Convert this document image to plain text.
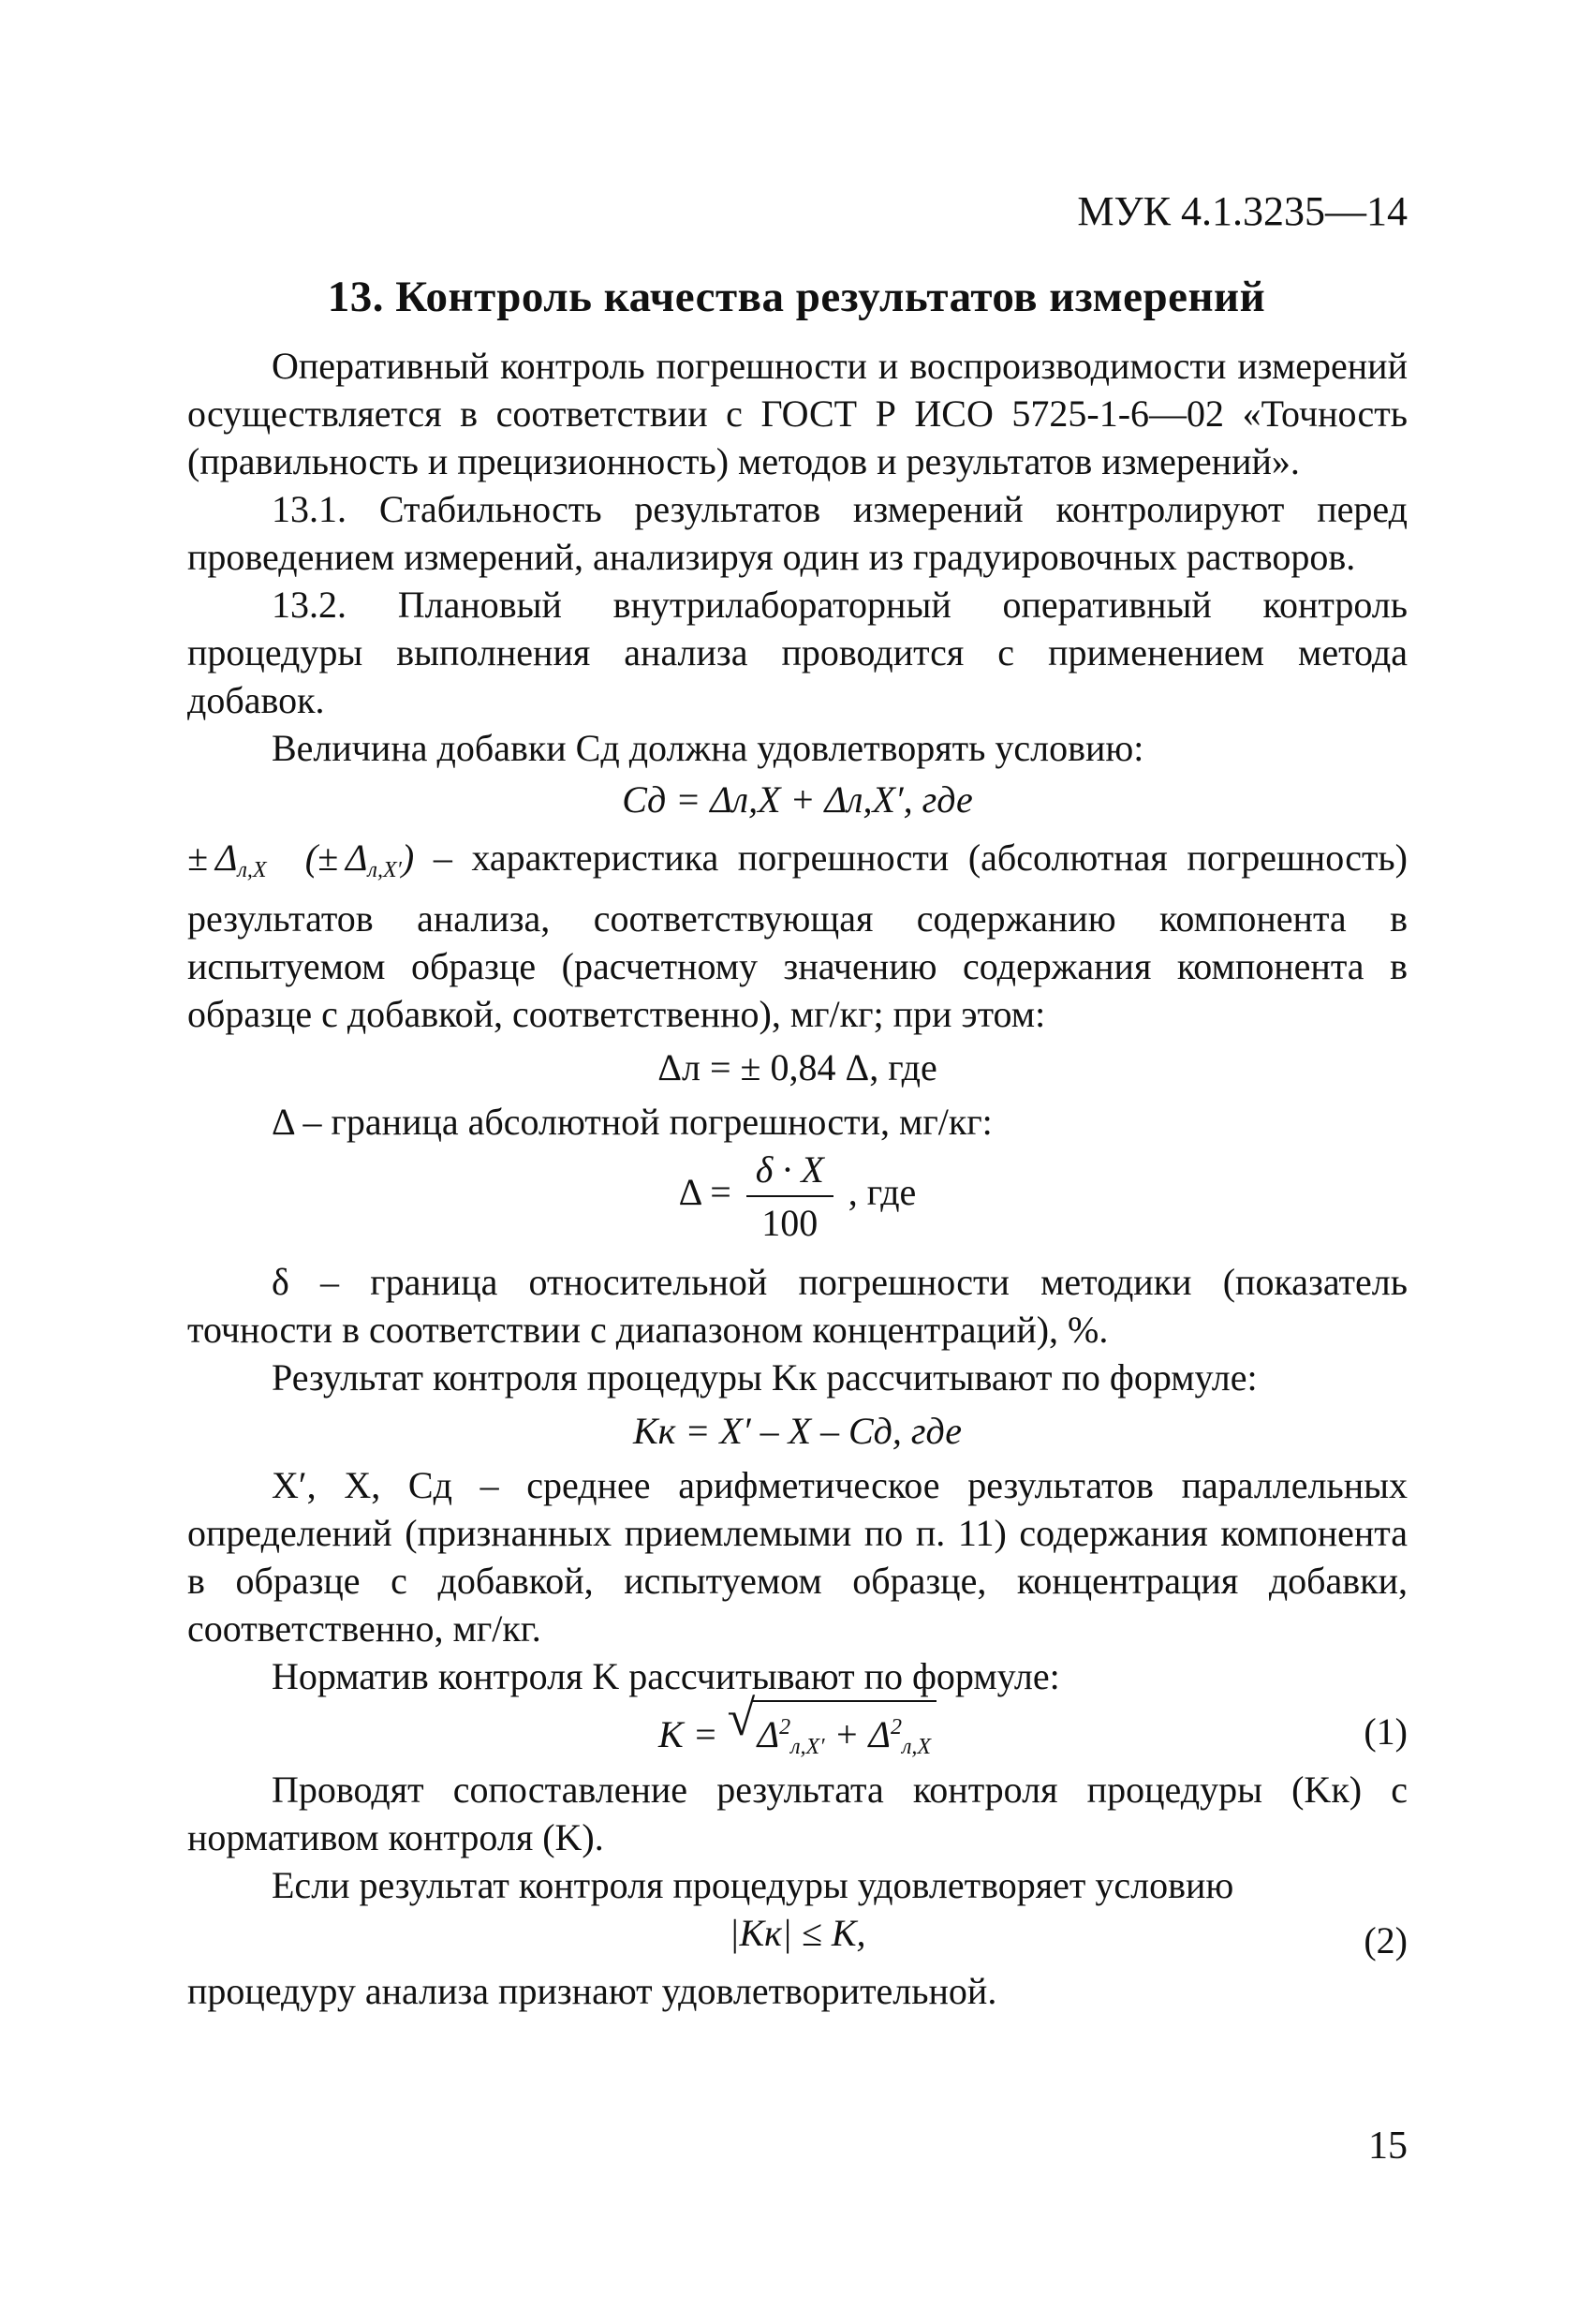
МУК 4.1.3235—14
13. Контроль качества результатов измерений

Оперативный контроль погрешности и воспроизводимости измерений осуществляется в соответствии с ГОСТ Р ИСО 5725-1-6—02 «Точность (правильность и прецизионность) методов и результатов измерений».

13.1. Стабильность результатов измерений контролируют перед проведением измерений, анализируя один из градуировочных растворов.

13.2. Плановый внутрилабораторный оперативный контроль процедуры выполнения анализа проводится с применением метода добавок.

Величина добавки Cд должна удовлетворять условию:

Cд = Δл,X + Δл,X′, где

± $\Delta_{л,X}$  (± $\Delta_{л,X'}$) – характеристика погрешности (абсолютная погрешность) результатов анализа, соответствующая содержанию компонента в испытуемом образце (расчетному значению содержания компонента в образце с добавкой, соответственно), мг/кг; при этом:

Δл = ± 0,84 Δ, где

Δ – граница абсолютной погрешности, мг/кг:

$\Delta = \frac{\delta \cdot X}{100}$ , где

δ – граница относительной погрешности методики (показатель точности в соответствии с диапазоном концентраций), %.

Результат контроля процедуры Kк рассчитывают по формуле:

Kк = X′ – X – Cд, где

X′, X, Cд – среднее арифметическое результатов параллельных определений (признанных приемлемыми по п. 11) содержания компонента в образце с добавкой, испытуемом образце, концентрация добавки, соответственно, мг/кг.

Норматив контроля K рассчитывают по формуле:

K = √ $\Delta^2_{л,X'} + \Delta^2_{л,X}$	(1)

Проводят сопоставление результата контроля процедуры (Kк) с нормативом контроля (K).

Если результат контроля процедуры удовлетворяет условию

|Kк| ≤ K,	(2)

процедуру анализа признают удовлетворительной.

15
